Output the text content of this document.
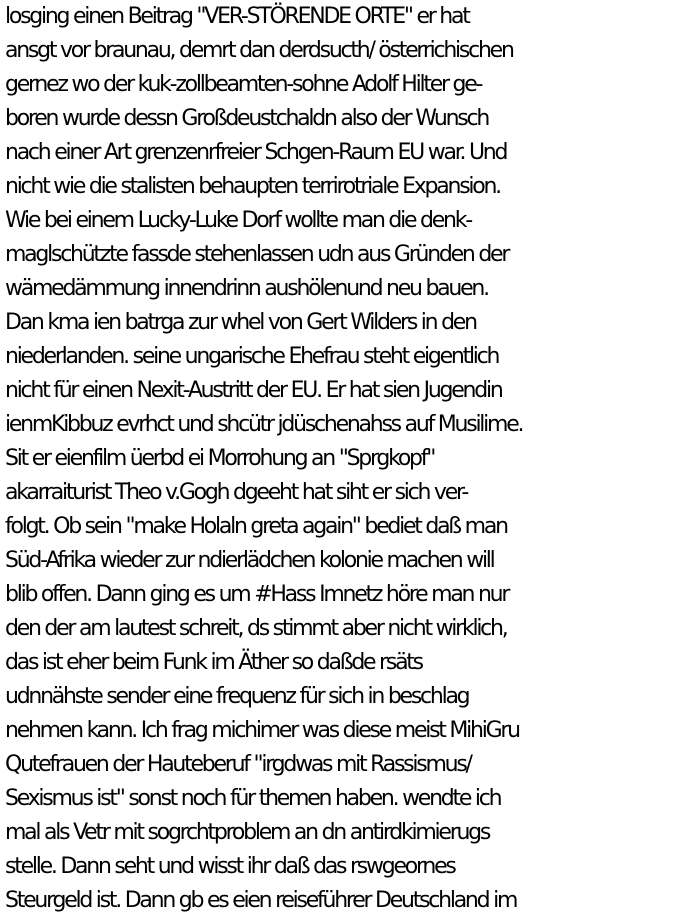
losging einen Beitrag "VER-STÖRENDE ORTE" er hat
ansgt vor braunau, demrt dan derdsucth/ österrichischen
gernez wo der kuk-zollbeamten-sohne Adolf Hilter ge-
boren wurde dessn Großdeustchaldn also der Wunsch
nach einer Art grenzenrfreier Schgen-Raum EU war. Und
nicht wie die stalisten behaupten terrirotriale Expansion.
Wie bei einem Lucky-Luke Dorf wollte man die denk-
maglschützte fassde stehenlassen udn aus Gründen der
wämedämmung innendrinn aushölenund neu bauen.
Dan kma ien batrga zur whel von Gert Wilders in den
niederlanden. seine ungarische Ehefrau steht eigentlich
nicht für einen Nexit-Austritt der EU. Er hat sien Jugendin
ienmKibbuz evrhct und shcütr jdüschenahss auf Musilime.
Sit er eienfilm üerbd ei Morrohung an "Sprgkopf"
akarraiturist Theo v.Gogh dgeeht hat siht er sich ver-
folgt. Ob sein "make Holaln greta again" bediet daß man
Süd-Afrika wieder zur ndierlädchen kolonie machen will
blib offen. Dann ging es um #Hass Imnetz höre man nur
den der am lautest schreit, ds stimmt aber nicht wirklich,
das ist eher beim Funk im Äther so daßde rsäts
udnnähste sender eine frequenz für sich in beschlag
nehmen kann. Ich frag michimer was diese meist MihiGru
Qutefrauen der Hauteberuf "irgdwas mit Rassismus/
Sexismus ist" sonst noch für themen haben. wendte ich
mal als Vetr mit sogrchtproblem an dn antirdkimierugs
stelle. Dann seht und wisst ihr daß das rswgeornes
Steurgeld ist. Dann gb es eien reiseführer Deutschland im
